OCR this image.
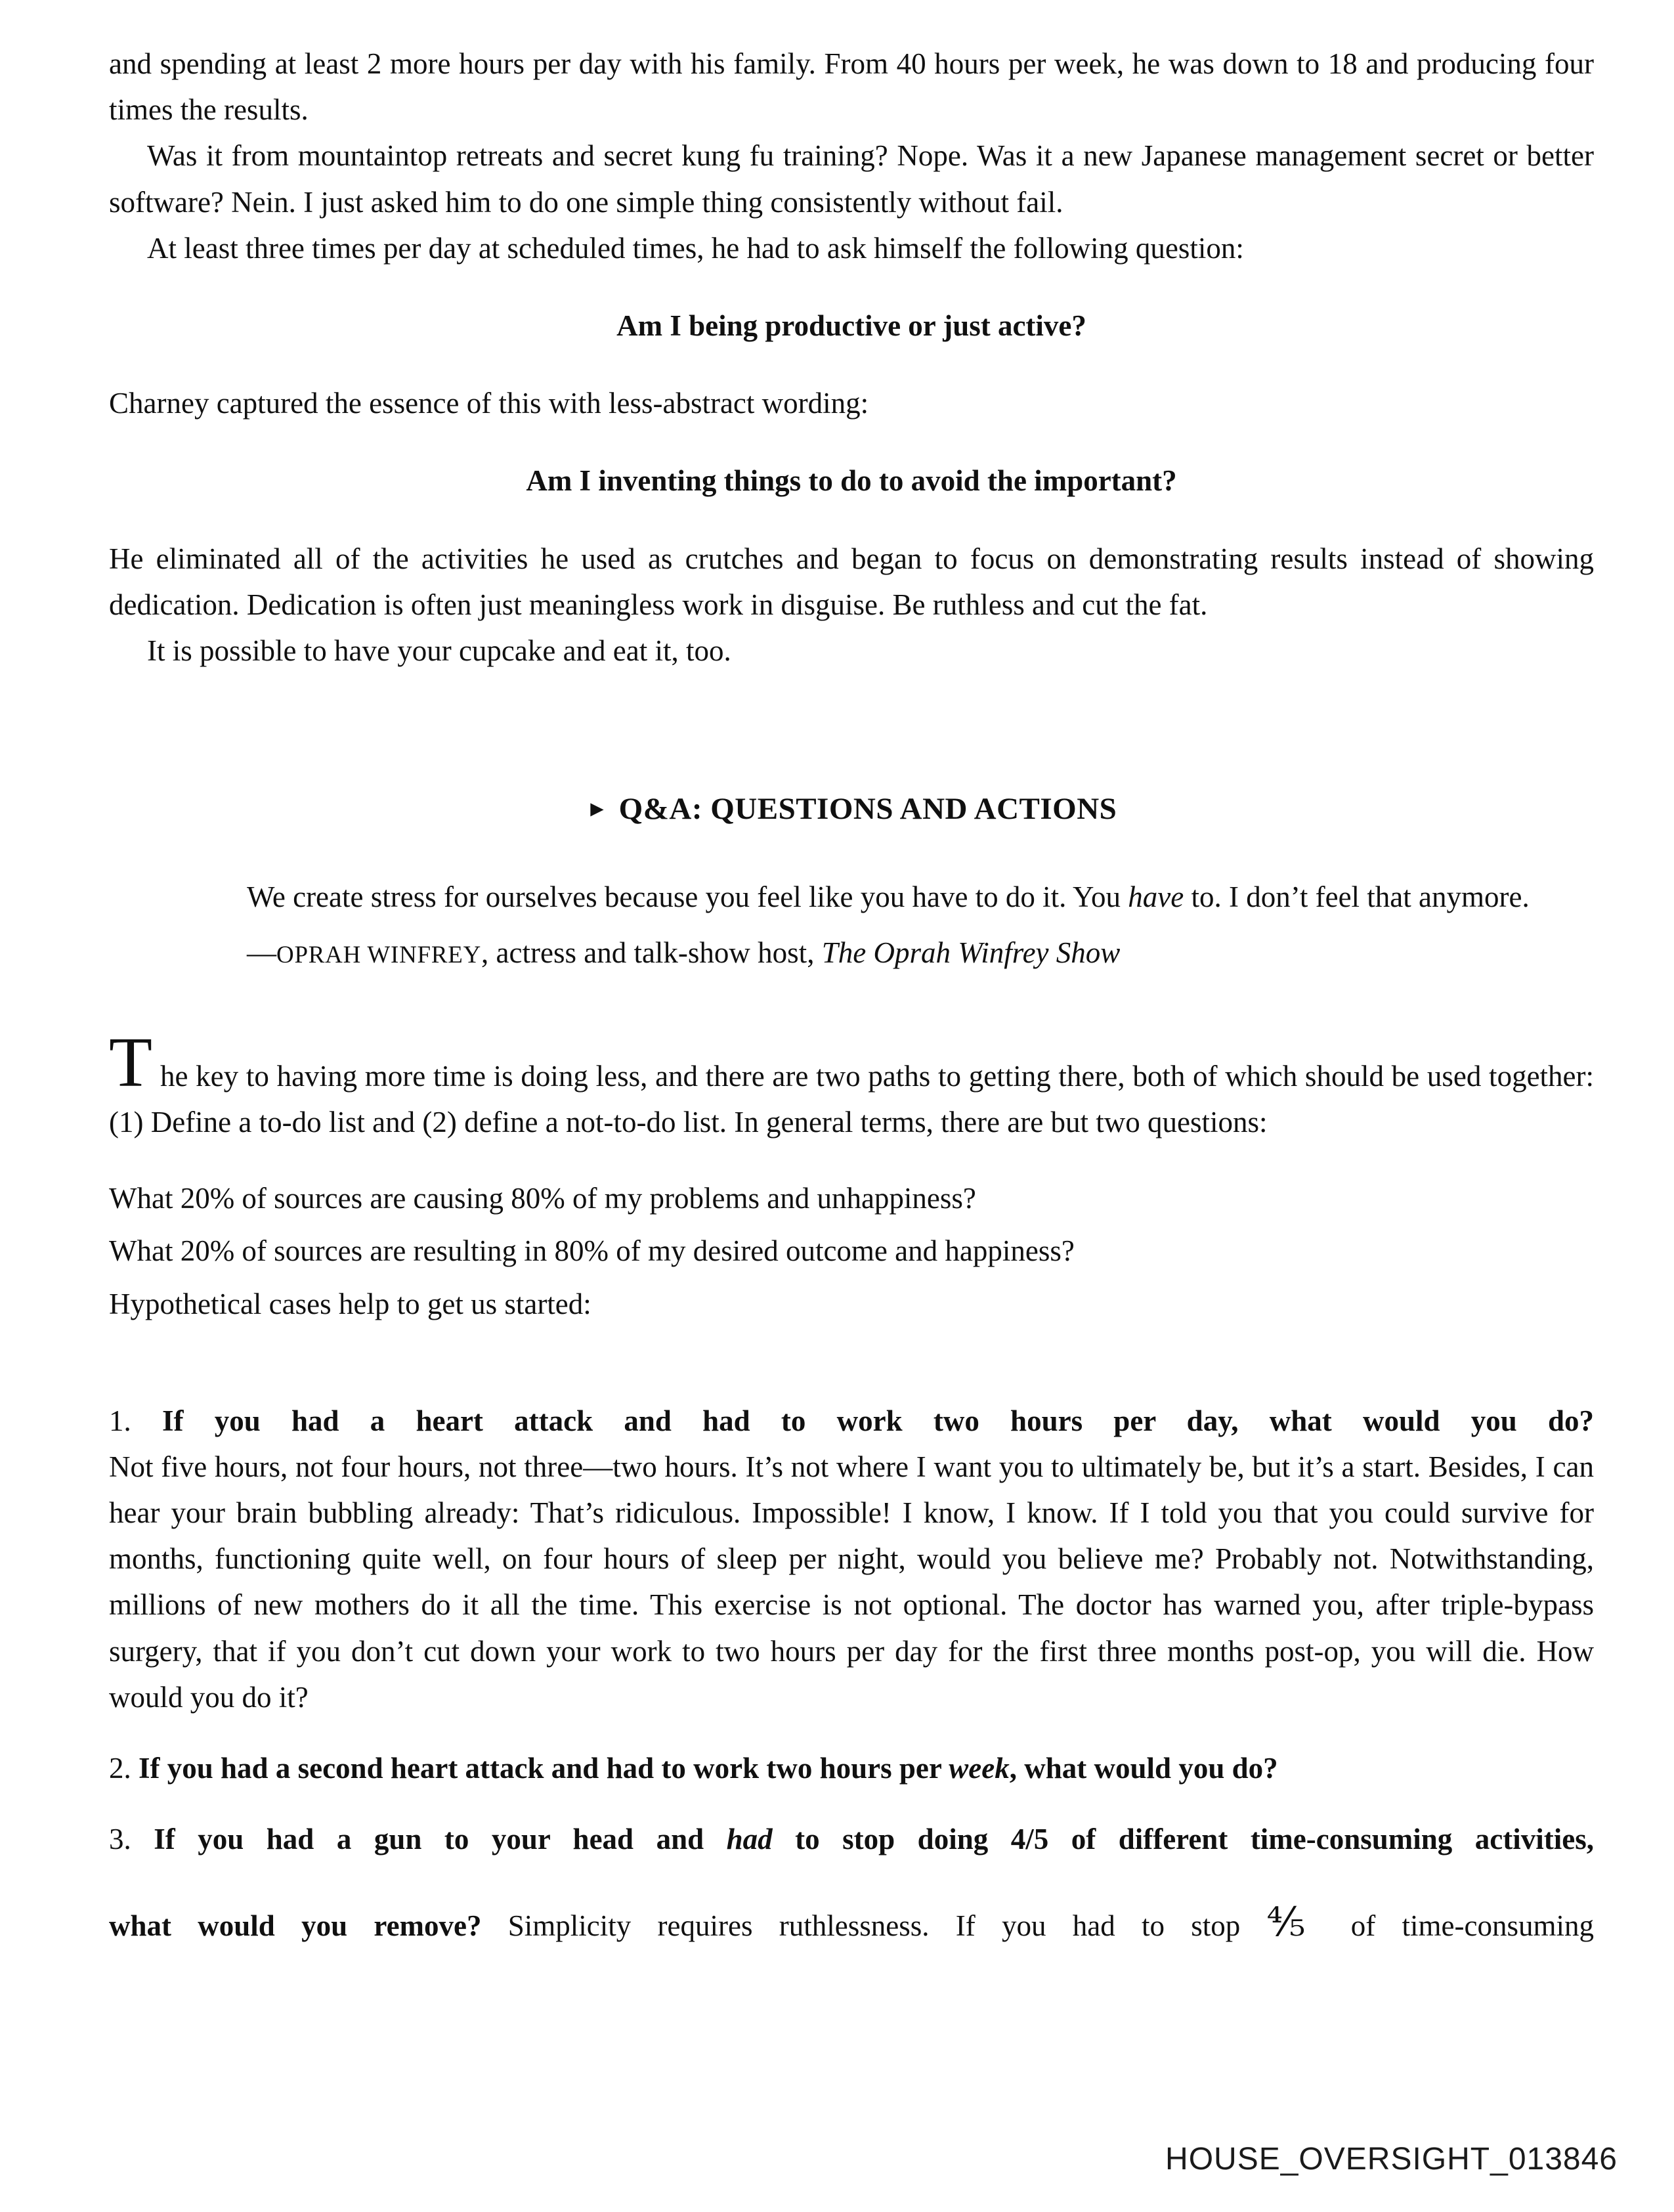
and spending at least 2 more hours per day with his family. From 40 hours per week, he was down to 18 and producing four times the results.

Was it from mountaintop retreats and secret kung fu training? Nope. Was it a new Japanese management secret or better software? Nein. I just asked him to do one simple thing consistently without fail.

At least three times per day at scheduled times, he had to ask himself the following question:

Am I being productive or just active?

Charney captured the essence of this with less-abstract wording:

Am I inventing things to do to avoid the important?

He eliminated all of the activities he used as crutches and began to focus on demonstrating results instead of showing dedication. Dedication is often just meaningless work in disguise. Be ruthless and cut the fat.

It is possible to have your cupcake and eat it, too.

► Q&A: QUESTIONS AND ACTIONS

We create stress for ourselves because you feel like you have to do it. You have to. I don’t feel that anymore.

—OPRAH WINFREY, actress and talk-show host, The Oprah Winfrey Show

The key to having more time is doing less, and there are two paths to getting there, both of which should be used together: (1) Define a to-do list and (2) define a not-to-do list. In general terms, there are but two questions:

What 20% of sources are causing 80% of my problems and unhappiness?

What 20% of sources are resulting in 80% of my desired outcome and happiness?

Hypothetical cases help to get us started:

1. If you had a heart attack and had to work two hours per day, what would you do?
Not five hours, not four hours, not three—two hours. It’s not where I want you to ultimately be, but it’s a start. Besides, I can hear your brain bubbling already: That’s ridiculous. Impossible! I know, I know. If I told you that you could survive for months, functioning quite well, on four hours of sleep per night, would you believe me? Probably not. Notwithstanding, millions of new mothers do it all the time. This exercise is not optional. The doctor has warned you, after triple-bypass surgery, that if you don’t cut down your work to two hours per day for the first three months post-op, you will die. How would you do it?

2. If you had a second heart attack and had to work two hours per week, what would you do?

3. If you had a gun to your head and had to stop doing 4/5 of different time-consuming activities,
what would you remove? Simplicity requires ruthlessness. If you had to stop ⅘ of time-consuming

HOUSE_OVERSIGHT_013846
